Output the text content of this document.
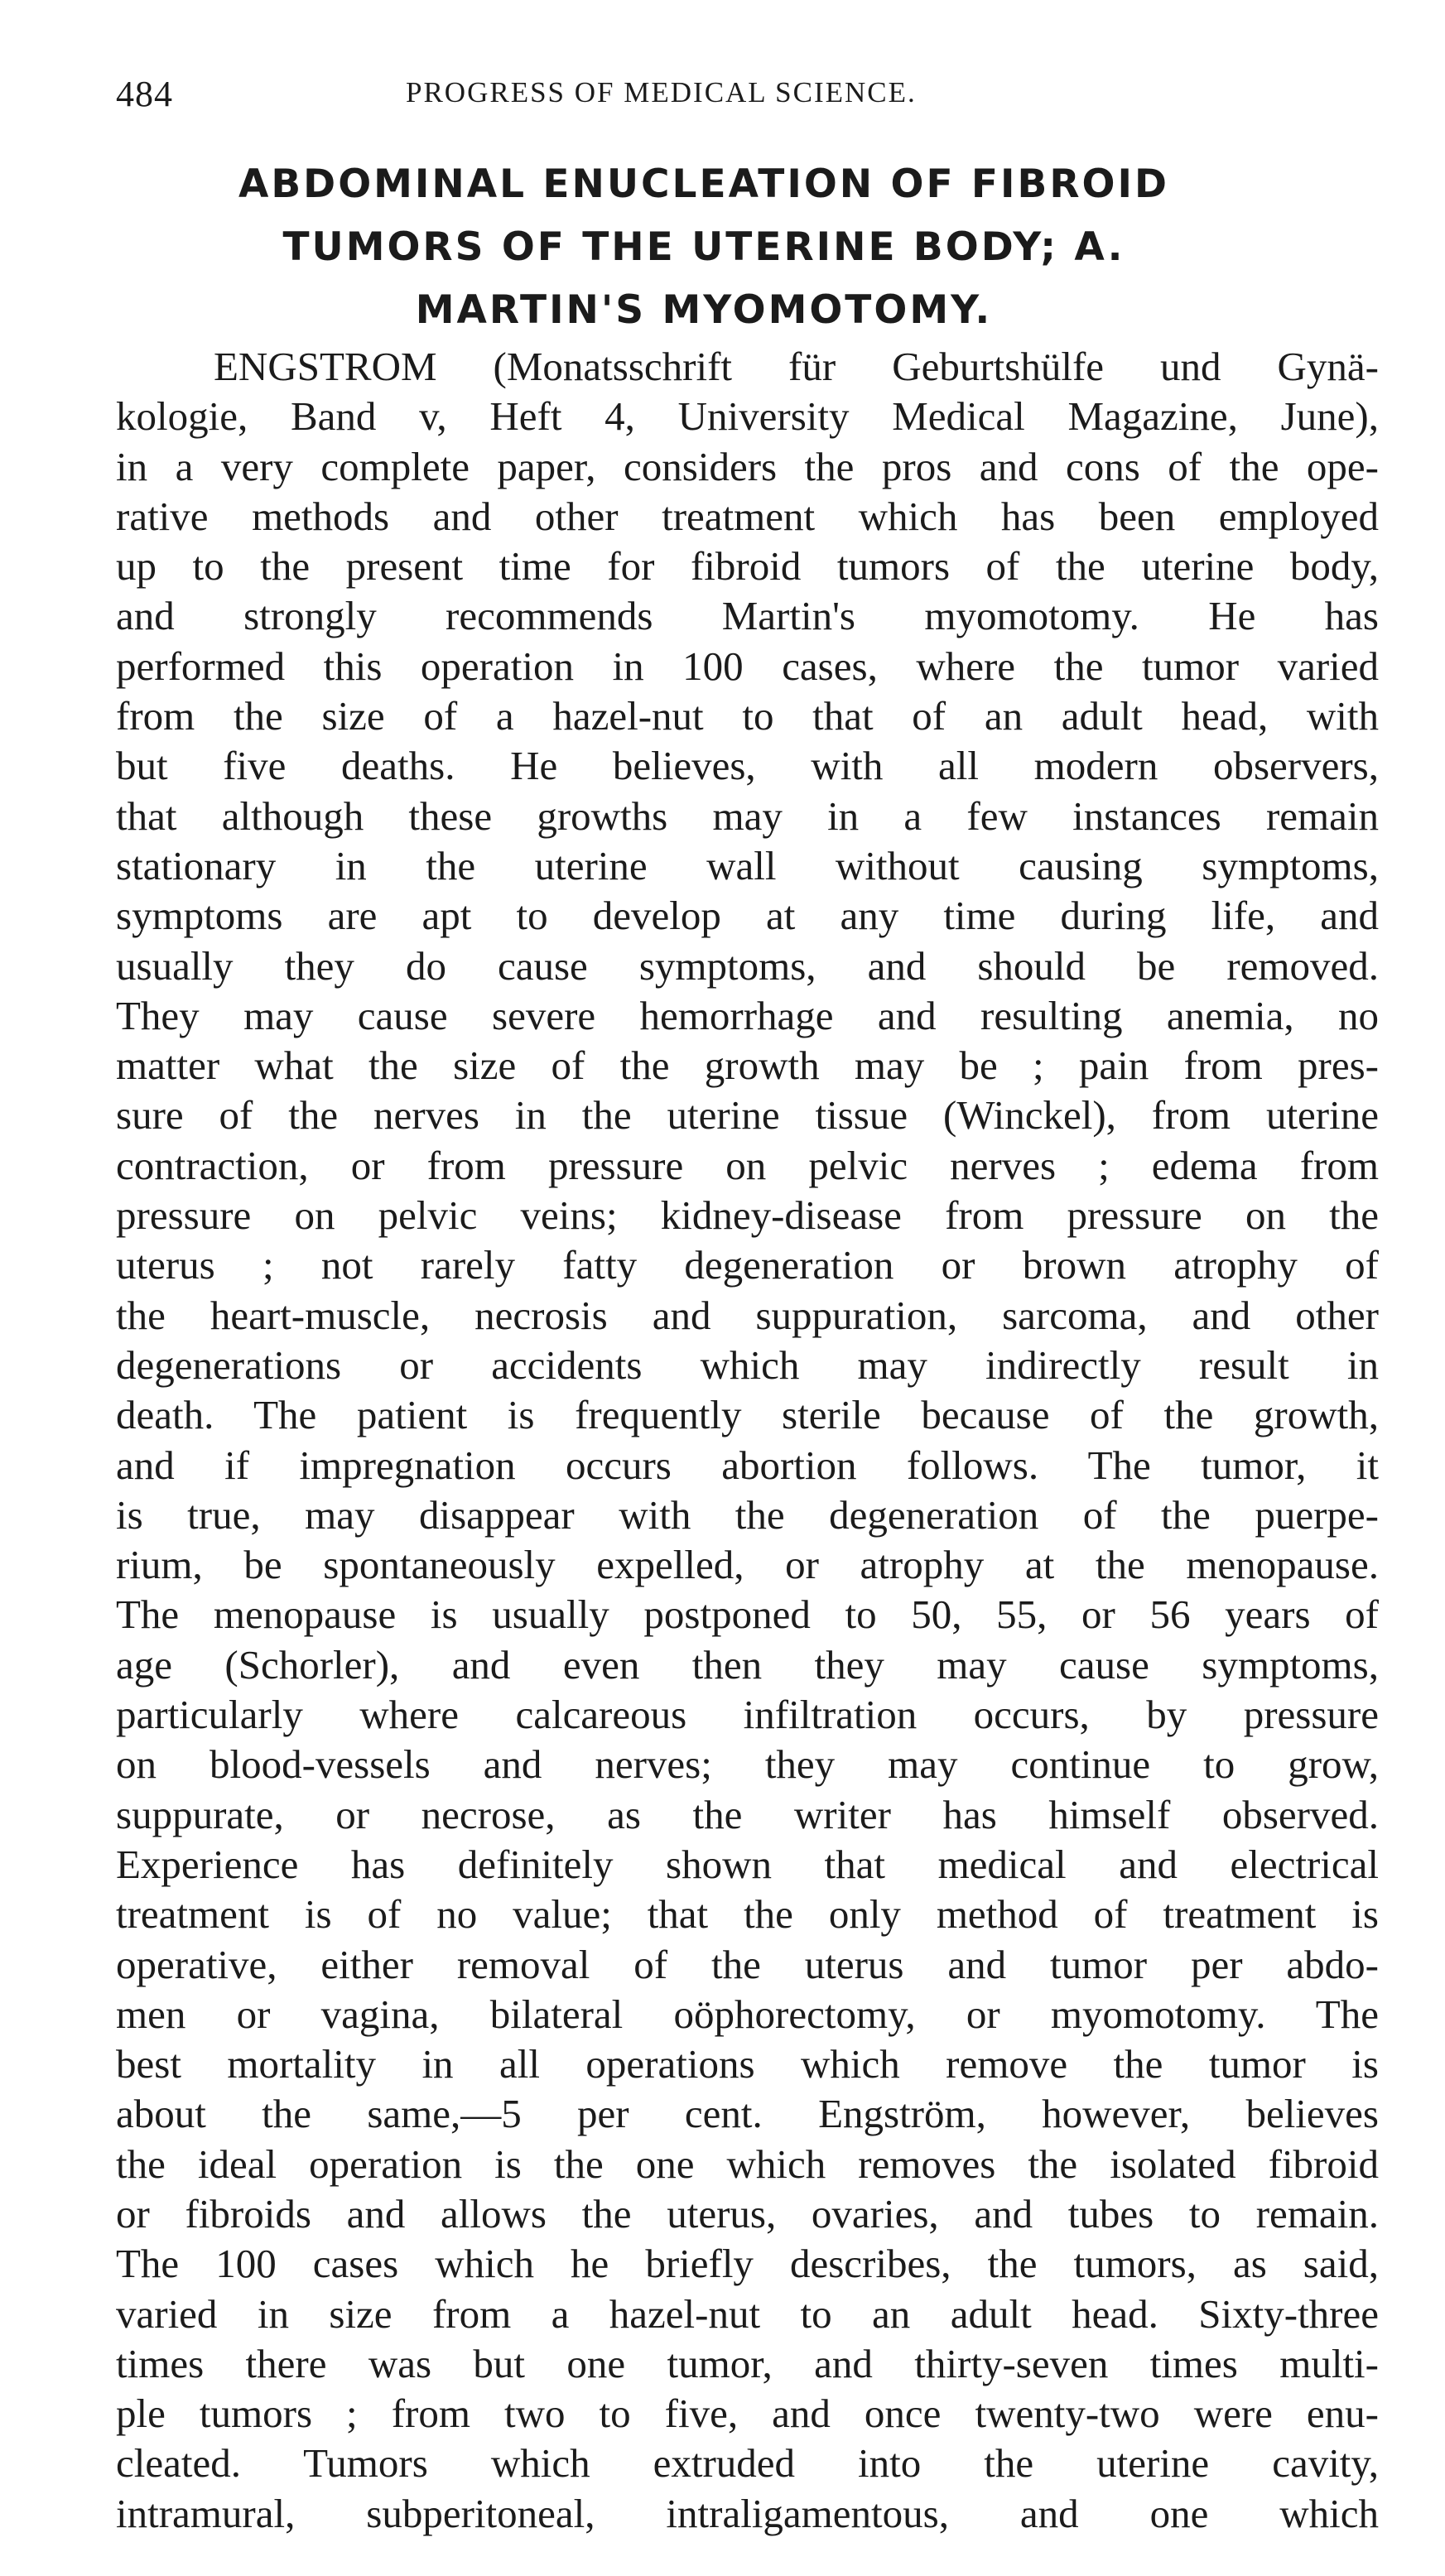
484	PROGRESS OF MEDICAL SCIENCE.
ABDOMINAL ENUCLEATION OF FIBROID
TUMORS OF THE UTERINE BODY; A.
MARTIN'S MYOMOTOMY.
ENGSTROM (Monatsschrift für Geburtshülfe und Gynä-
kologie, Band v, Heft 4, University Medical Magazine, June),
in a very complete paper, considers the pros and cons of the ope-
rative methods and other treatment which has been employed
up to the present time for fibroid tumors of the uterine body,
and strongly recommends Martin's myomotomy. He has
performed this operation in 100 cases, where the tumor varied
from the size of a hazel-nut to that of an adult head, with
but five deaths. He believes, with all modern observers,
that although these growths may in a few instances remain
stationary in the uterine wall without causing symptoms,
symptoms are apt to develop at any time during life, and
usually they do cause symptoms, and should be removed.
They may cause severe hemorrhage and resulting anemia, no
matter what the size of the growth may be ; pain from pres-
sure of the nerves in the uterine tissue (Winckel), from uterine
contraction, or from pressure on pelvic nerves ; edema from
pressure on pelvic veins; kidney-disease from pressure on the
uterus ; not rarely fatty degeneration or brown atrophy of
the heart-muscle, necrosis and suppuration, sarcoma, and other
degenerations or accidents which may indirectly result in
death. The patient is frequently sterile because of the growth,
and if impregnation occurs abortion follows. The tumor, it
is true, may disappear with the degeneration of the puerpe-
rium, be spontaneously expelled, or atrophy at the menopause.
The menopause is usually postponed to 50, 55, or 56 years of
age (Schorler), and even then they may cause symptoms,
particularly where calcareous infiltration occurs, by pressure
on blood-vessels and nerves; they may continue to grow,
suppurate, or necrose, as the writer has himself observed.
Experience has definitely shown that medical and electrical
treatment is of no value; that the only method of treatment is
operative, either removal of the uterus and tumor per abdo-
men or vagina, bilateral oöphorectomy, or myomotomy. The
best mortality in all operations which remove the tumor is
about the same,—5 per cent. Engström, however, believes
the ideal operation is the one which removes the isolated fibroid
or fibroids and allows the uterus, ovaries, and tubes to remain.
The 100 cases which he briefly describes, the tumors, as said,
varied in size from a hazel-nut to an adult head. Sixty-three
times there was but one tumor, and thirty-seven times multi-
ple tumors ; from two to five, and once twenty-two were enu-
cleated. Tumors which extruded into the uterine cavity,
intramural, subperitoneal, intraligamentous, and one which
